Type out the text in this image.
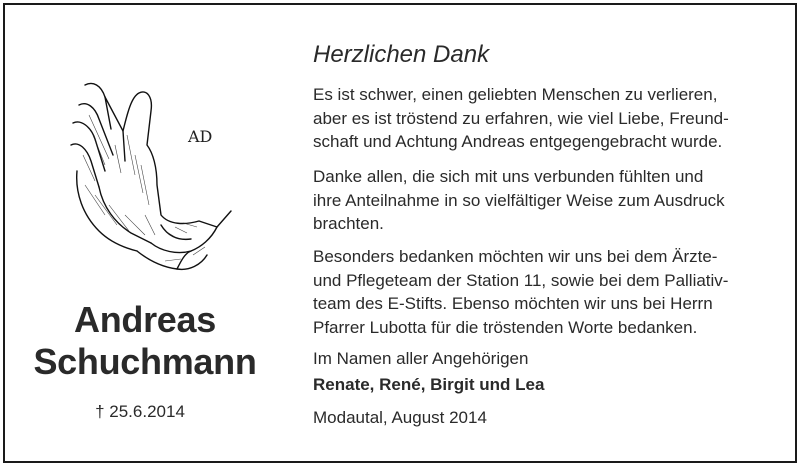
AD
Andreas
Schuchmann
† 25.6.2014
Herzlichen Dank
Es ist schwer, einen geliebten Menschen zu verlieren,
aber es ist tröstend zu erfahren, wie viel Liebe, Freund-
schaft und Achtung Andreas entgegengebracht wurde.
Danke allen, die sich mit uns verbunden fühlten und
ihre Anteilnahme in so vielfältiger Weise zum Ausdruck
brachten.
Besonders bedanken möchten wir uns bei dem Ärzte-
und Pflegeteam der Station 11, sowie bei dem Palliativ-
team des E-Stifts. Ebenso möchten wir uns bei Herrn
Pfarrer Lubotta für die tröstenden Worte bedanken.
Im Namen aller Angehörigen
Renate, René, Birgit und Lea
Modautal, August 2014
